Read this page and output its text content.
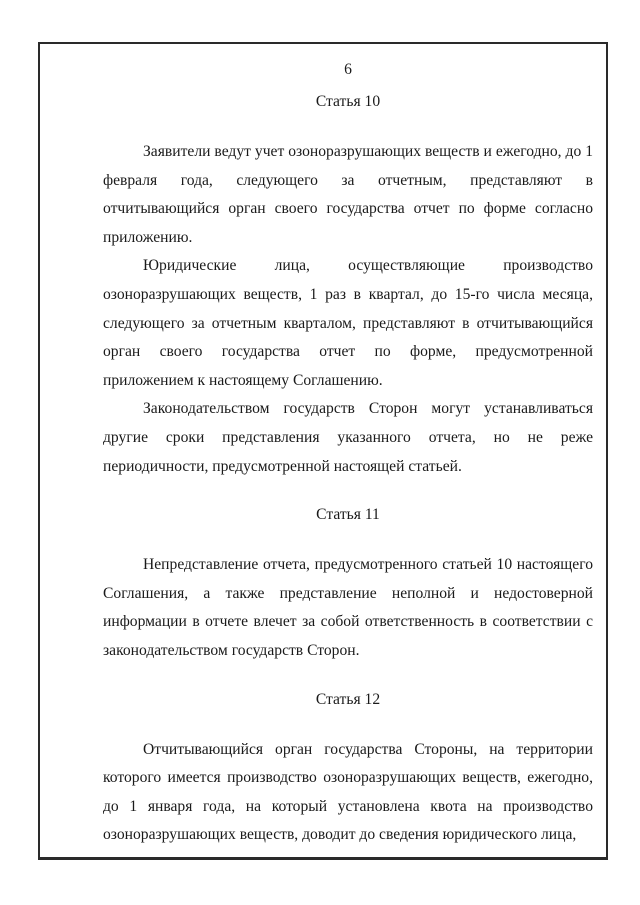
6

Статья 10

Заявители ведут учет озоноразрушающих веществ и ежегодно, до 1 февраля года, следующего за отчетным, представляют в отчитывающийся орган своего государства отчет по форме согласно приложению.

Юридические лица, осуществляющие производство озоноразрушающих веществ, 1 раз в квартал, до 15-го числа месяца, следующего за отчетным кварталом, представляют в отчитывающийся орган своего государства отчет по форме, предусмотренной приложением к настоящему Соглашению.

Законодательством государств Сторон могут устанавливаться другие сроки представления указанного отчета, но не реже периодичности, предусмотренной настоящей статьей.

Статья 11

Непредставление отчета, предусмотренного статьей 10 настоящего Соглашения, а также представление неполной и недостоверной информации в отчете влечет за собой ответственность в соответствии с законодательством государств Сторон.

Статья 12

Отчитывающийся орган государства Стороны, на территории которого имеется производство озоноразрушающих веществ, ежегодно, до 1 января года, на который установлена квота на производство озоноразрушающих веществ, доводит до сведения юридического лица,
